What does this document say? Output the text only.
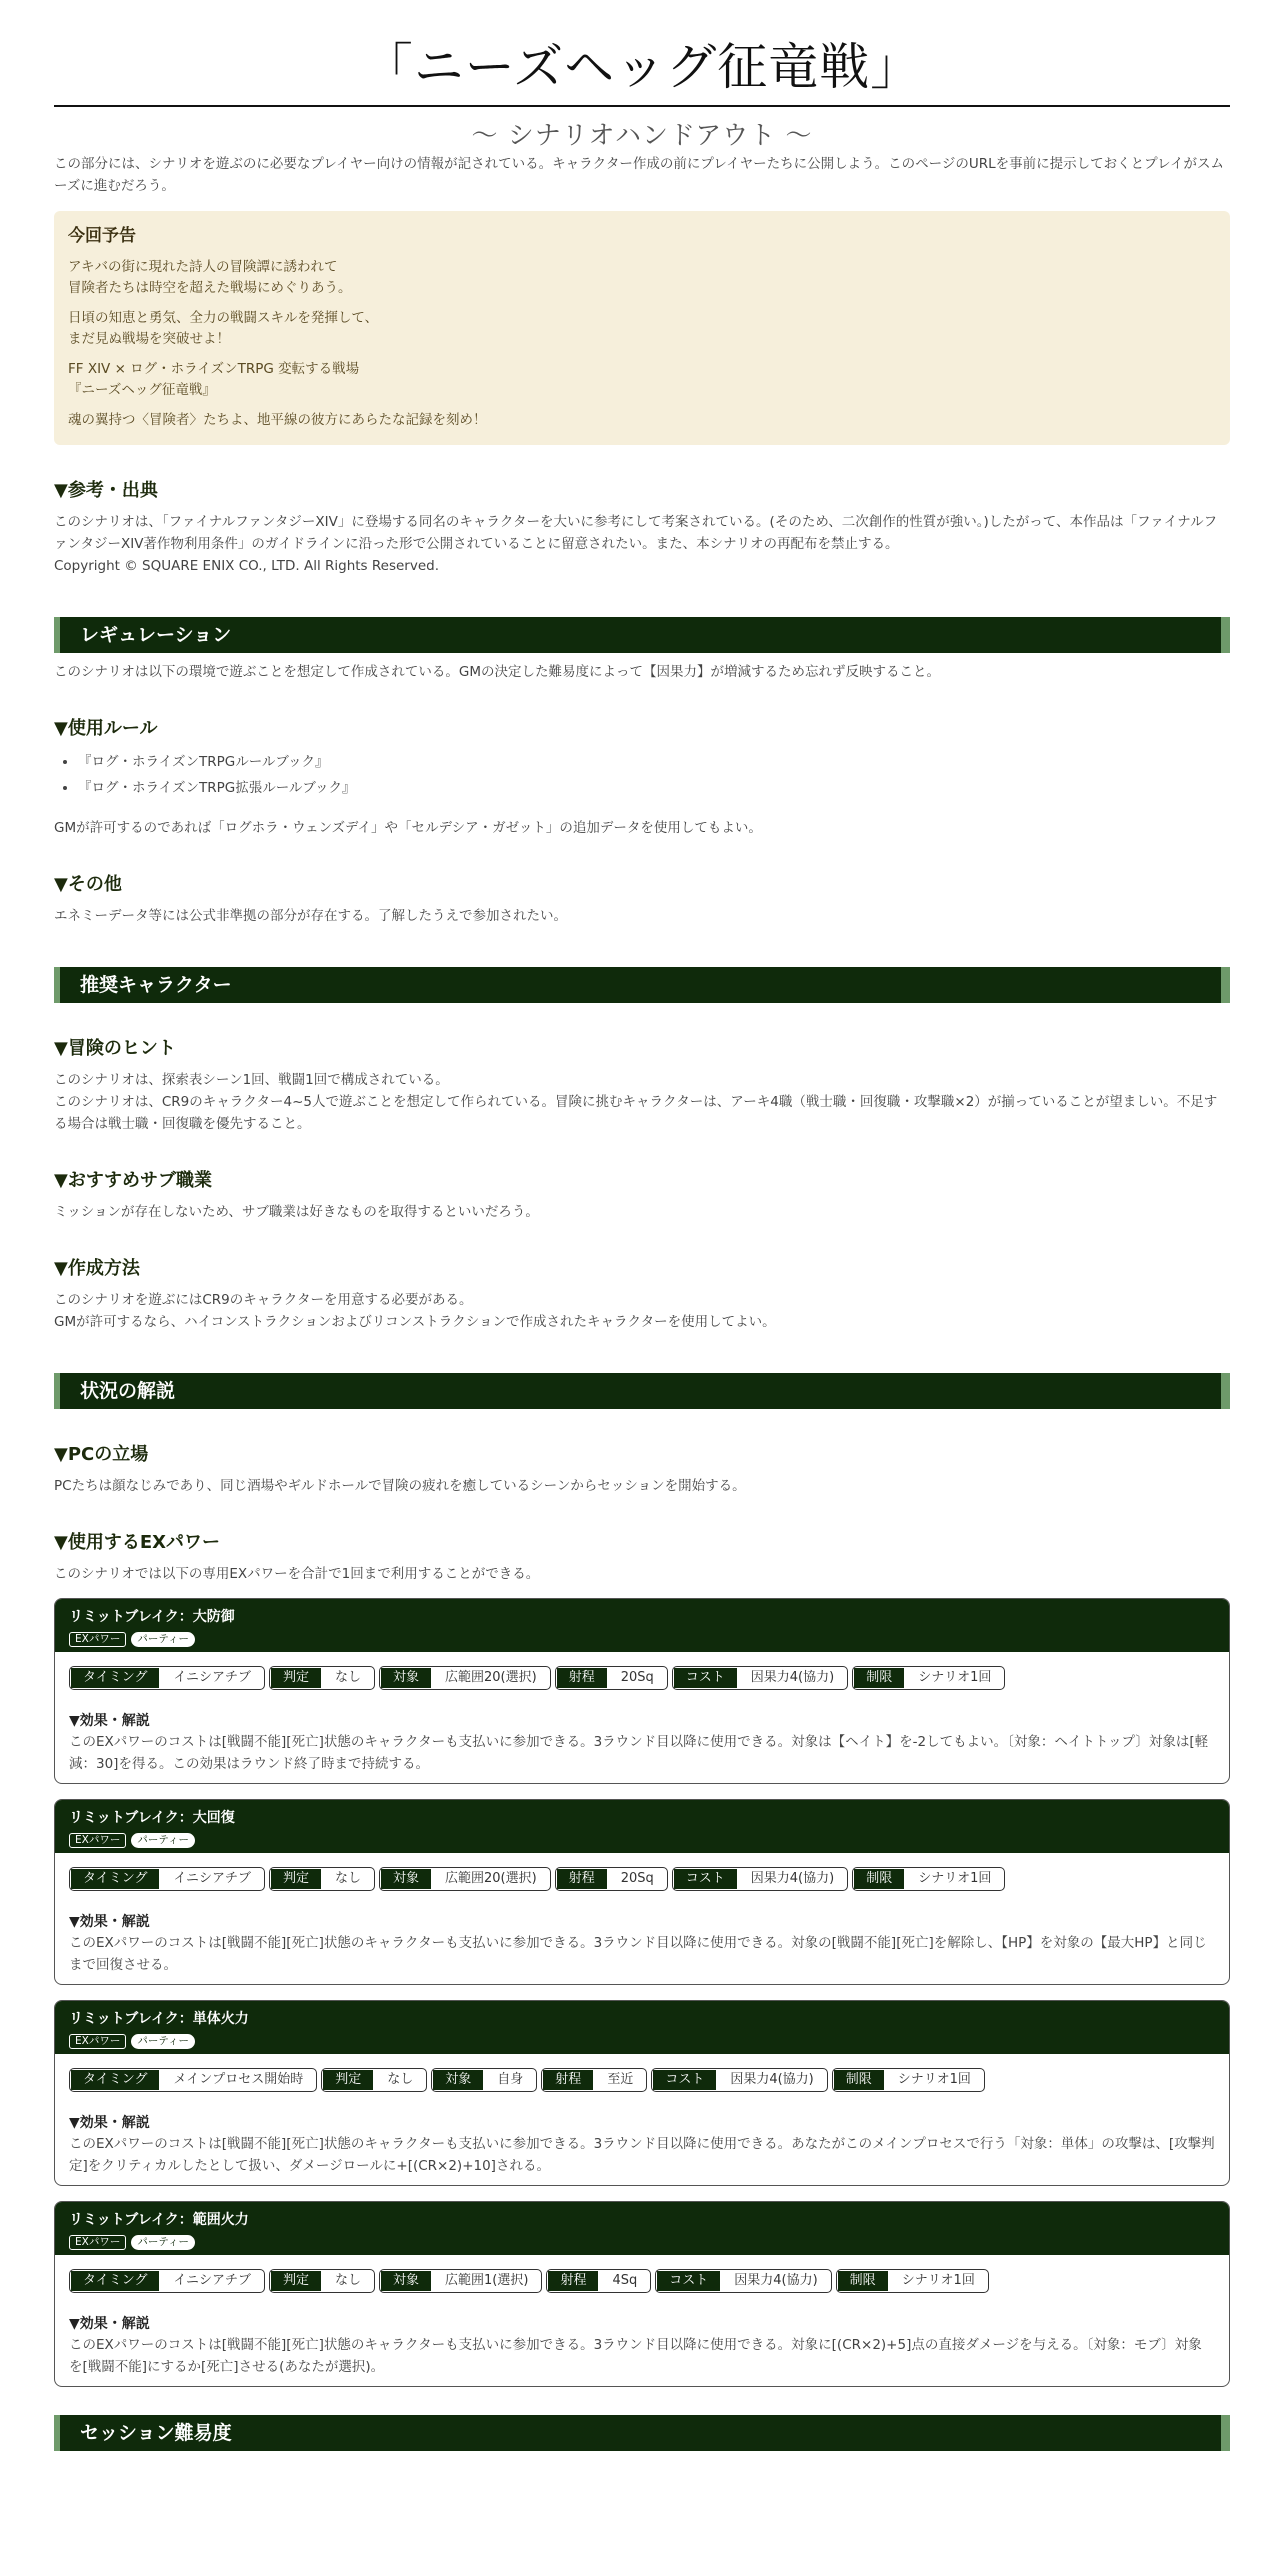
「ニーズヘッグ征竜戦」
～ シナリオハンドアウト ～

この部分には、シナリオを遊ぶのに必要なプレイヤー向けの情報が記されている。キャラクター作成の前にプレイヤーたちに公開しよう。このページのURLを事前に提示しておくとプレイがスムーズに進むだろう。

今回予告

アキバの街に現れた詩人の冒険譚に誘われて
冒険者たちは時空を超えた戦場にめぐりあう。

日頃の知恵と勇気、全力の戦闘スキルを発揮して、
まだ見ぬ戦場を突破せよ！

FF XIV × ログ・ホライズンTRPG 変転する戦場
『ニーズヘッグ征竜戦』

魂の翼持つ〈冒険者〉たちよ、地平線の彼方にあらたな記録を刻め！

▼参考・出典

このシナリオは、「ファイナルファンタジーXIV」に登場する同名のキャラクターを大いに参考にして考案されている。(そのため、二次創作的性質が強い。)したがって、本作品は「ファイナルファンタジーXIV著作物利用条件」のガイドラインに沿った形で公開されていることに留意されたい。また、本シナリオの再配布を禁止する。

Copyright © SQUARE ENIX CO., LTD. All Rights Reserved.

レギュレーション

このシナリオは以下の環境で遊ぶことを想定して作成されている。GMの決定した難易度によって【因果力】が増減するため忘れず反映すること。

▼使用ルール
• 『ログ・ホライズンTRPGルールブック』
• 『ログ・ホライズンTRPG拡張ルールブック』

GMが許可するのであれば「ログホラ・ウェンズデイ」や「セルデシア・ガゼット」の追加データを使用してもよい。

▼その他

エネミーデータ等には公式非準拠の部分が存在する。了解したうえで参加されたい。

推奨キャラクター
▼冒険のヒント

このシナリオは、探索表シーン1回、戦闘1回で構成されている。

このシナリオは、CR9のキャラクター4~5人で遊ぶことを想定して作られている。冒険に挑むキャラクターは、アーキ4職（戦士職・回復職・攻撃職×2）が揃っていることが望ましい。不足する場合は戦士職・回復職を優先すること。

▼おすすめサブ職業

ミッションが存在しないため、サブ職業は好きなものを取得するといいだろう。

▼作成方法

このシナリオを遊ぶにはCR9のキャラクターを用意する必要がある。

GMが許可するなら、ハイコンストラクションおよびリコンストラクションで作成されたキャラクターを使用してよい。

状況の解説
▼PCの立場

PCたちは顔なじみであり、同じ酒場やギルドホールで冒険の疲れを癒しているシーンからセッションを開始する。

▼使用するEXパワー

このシナリオでは以下の専用EXパワーを合計で1回まで利用することができる。

リミットブレイク：大防御
EXパワー	パーティー
タイミング	イニシアチブ	判定	なし	対象	広範囲20(選択)	射程	20Sq	コスト	因果力4(協力)	制限	シナリオ1回
▼効果・解説
このEXパワーのコストは[戦闘不能][死亡]状態のキャラクターも支払いに参加できる。3ラウンド目以降に使用できる。対象は【ヘイト】を-2してもよい。〔対象：ヘイトトップ〕対象は[軽減：30]を得る。この効果はラウンド終了時まで持続する。
リミットブレイク：大回復
EXパワー	パーティー
タイミング	イニシアチブ	判定	なし	対象	広範囲20(選択)	射程	20Sq	コスト	因果力4(協力)	制限	シナリオ1回
▼効果・解説
このEXパワーのコストは[戦闘不能][死亡]状態のキャラクターも支払いに参加できる。3ラウンド目以降に使用できる。対象の[戦闘不能][死亡]を解除し、【HP】を対象の【最大HP】と同じまで回復させる。
リミットブレイク：単体火力
EXパワー	パーティー
タイミング	メインプロセス開始時	判定	なし	対象	自身	射程	至近	コスト	因果力4(協力)	制限	シナリオ1回
▼効果・解説
このEXパワーのコストは[戦闘不能][死亡]状態のキャラクターも支払いに参加できる。3ラウンド目以降に使用できる。あなたがこのメインプロセスで行う「対象：単体」の攻撃は、[攻撃判定]をクリティカルしたとして扱い、ダメージロールに+[(CR×2)+10]される。
リミットブレイク：範囲火力
EXパワー	パーティー
タイミング	イニシアチブ	判定	なし	対象	広範囲1(選択)	射程	4Sq	コスト	因果力4(協力)	制限	シナリオ1回
▼効果・解説
このEXパワーのコストは[戦闘不能][死亡]状態のキャラクターも支払いに参加できる。3ラウンド目以降に使用できる。対象に[(CR×2)+5]点の直接ダメージを与える。〔対象：モブ〕対象を[戦闘不能]にするか[死亡]させる(あなたが選択)。
セッション難易度
